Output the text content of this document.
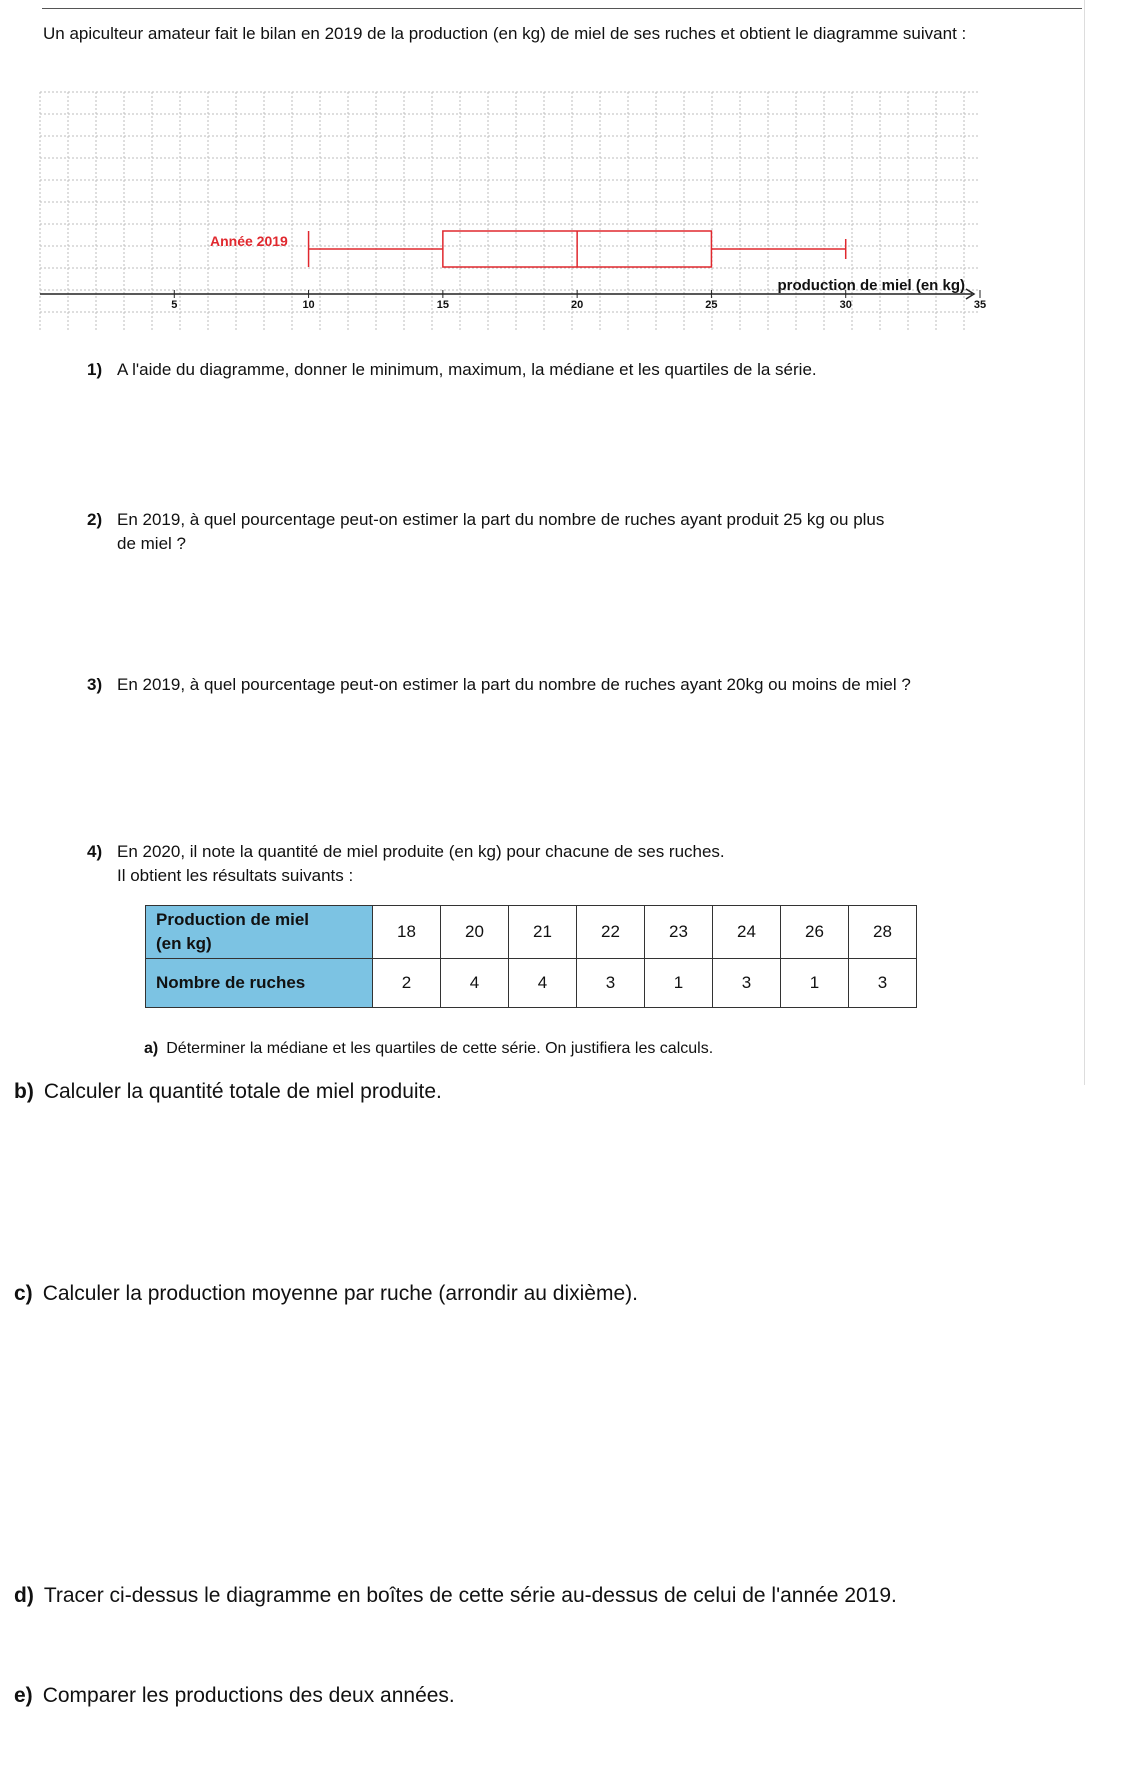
Un apiculteur amateur fait le bilan en 2019 de la production (en kg) de miel de ses ruches et obtient le diagramme suivant :
5	10	15	20	25	30	35
Année 2019
production de miel (en kg)
1) A l'aide du diagramme, donner le minimum, maximum, la médiane et les quartiles de la série.
2) En 2019, à quel pourcentage peut-on estimer la part du nombre de ruches ayant produit 25 kg ou plus
de miel ?
3) En 2019, à quel pourcentage peut-on estimer la part du nombre de ruches ayant 20kg ou moins de miel ?
4) En 2020, il note la quantité de miel produite (en kg) pour chacune de ses ruches.
Il obtient les résultats suivants :
Production de miel
(en kg)	18	20	21	22	23	24	26	28
Nombre de ruches	2	4	4	3	1	3	1	3
a) Déterminer la médiane et les quartiles de cette série. On justifiera les calculs.
b) Calculer la quantité totale de miel produite.
c) Calculer la production moyenne par ruche (arrondir au dixième).
d) Tracer ci-dessus le diagramme en boîtes de cette série au-dessus de celui de l'année 2019.
e) Comparer les productions des deux années.
